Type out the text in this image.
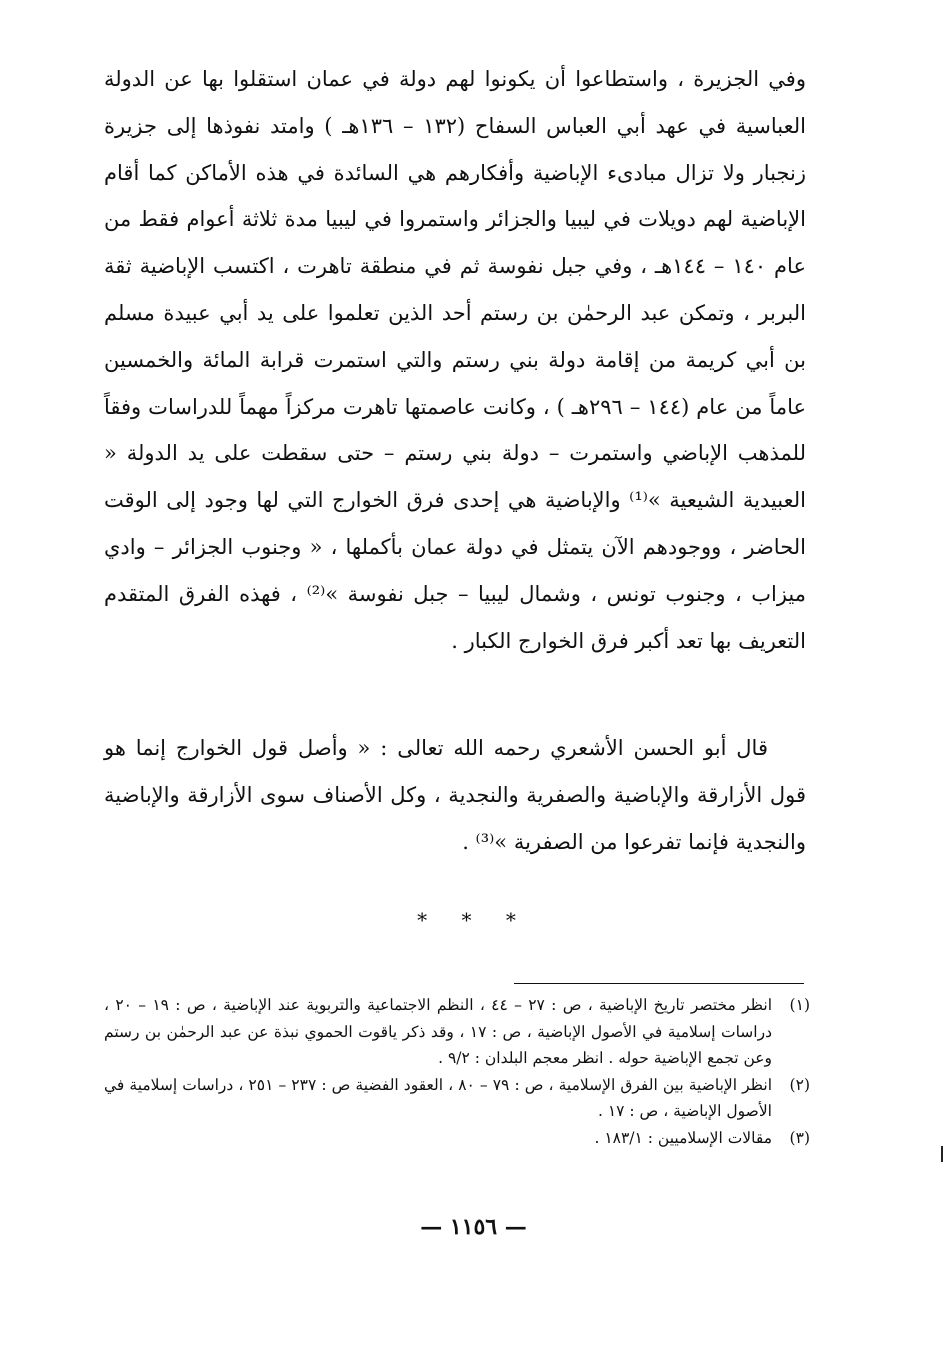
وفي الجزيرة ، واستطاعوا أن يكونوا لهم دولة في عمان استقلوا بها عن الدولة العباسية في عهد أبي العباس السفاح (١٣٢ – ١٣٦هـ ) وامتد نفوذها إلى جزيرة زنجبار ولا تزال مبادىء الإباضية وأفكارهم هي السائدة في هذه الأماكن كما أقام الإباضية لهم دويلات في ليبيا والجزائر واستمروا في ليبيا مدة ثلاثة أعوام فقط من عام ١٤٠ – ١٤٤هـ ، وفي جبل نفوسة ثم في منطقة تاهرت ، اكتسب الإباضية ثقة البربر ، وتمكن عبد الرحمٰن بن رستم أحد الذين تعلموا على يد أبي عبيدة مسلم بن أبي كريمة من إقامة دولة بني رستم والتي استمرت قرابة المائة والخمسين عاماً من عام (١٤٤ – ٢٩٦هـ ) ، وكانت عاصمتها تاهرت مركزاً مهماً للدراسات وفقاً للمذهب الإباضي واستمرت – دولة بني رستم – حتى سقطت على يد الدولة « العبيدية الشيعية »⁽¹⁾ والإباضية هي إحدى فرق الخوارج التي لها وجود إلى الوقت الحاضر ، ووجودهم الآن يتمثل في دولة عمان بأكملها ، « وجنوب الجزائر – وادي ميزاب ، وجنوب تونس ، وشمال ليبيا – جبل نفوسة »⁽²⁾ ، فهذه الفرق المتقدم التعريف بها تعد أكبر فرق الخوارج الكبار .

قال أبو الحسن الأشعري رحمه الله تعالى : « وأصل قول الخوارج إنما هو قول الأزارقة والإباضية والصفرية والنجدية ، وكل الأصناف سوى الأزارقة والإباضية والنجدية فإنما تفرعوا من الصفرية »⁽³⁾ .

* * *
(١)
انظر مختصر تاريخ الإباضية ، ص : ٢٧ – ٤٤ ، النظم الاجتماعية والتربوية عند الإباضية ، ص : ١٩ – ٢٠ ، دراسات إسلامية في الأصول الإباضية ، ص : ١٧ ، وقد ذكر ياقوت الحموي نبذة عن عبد الرحمٰن بن رستم وعن تجمع الإباضية حوله . انظر معجم البلدان : ٩/٢ .
(٢)
انظر الإباضية بين الفرق الإسلامية ، ص : ٧٩ – ٨٠ ، العقود الفضية ص : ٢٣٧ – ٢٥١ ، دراسات إسلامية في الأصول الإباضية ، ص : ١٧ .
(٣)
مقالات الإسلاميين : ١٨٣/١ .
— ١١٥٦ —
